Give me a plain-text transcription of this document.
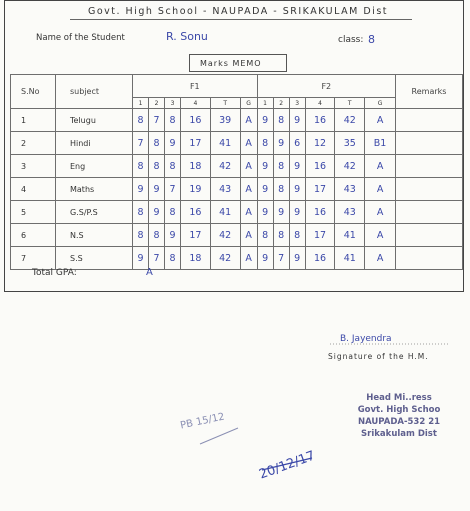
Govt. High School - NAUPADA - SRIKAKULAM Dist
Name of the Student	R. Sonu	class: 8
Marks MEMO
S.No	subject	F1						F2						Remarks
		1	2	3	4	T	G	1	2	3	4	T	G	
1	Telugu	8	7	8	16	39	A	9	8	9	16	42	A	
2	Hindi	7	8	9	17	41	A	8	9	6	12	35	B1	
3	Eng	8	8	8	18	42	A	9	8	9	16	42	A	
4	Maths	9	9	7	19	43	A	9	8	9	17	43	A	
5	G.S/P.S	8	9	8	16	41	A	9	9	9	16	43	A	
6	N.S	8	8	9	17	42	A	8	8	8	17	41	A	
7	S.S	9	7	8	18	42	A	9	7	9	16	41	A	
Total GPA:	A
B. Jayendra
Signature of the H.M.
Head Mi..ress
Govt. High Schoo
NAUPADA-532 21
Srikakulam Dist
PB 15/12
20/12/17
